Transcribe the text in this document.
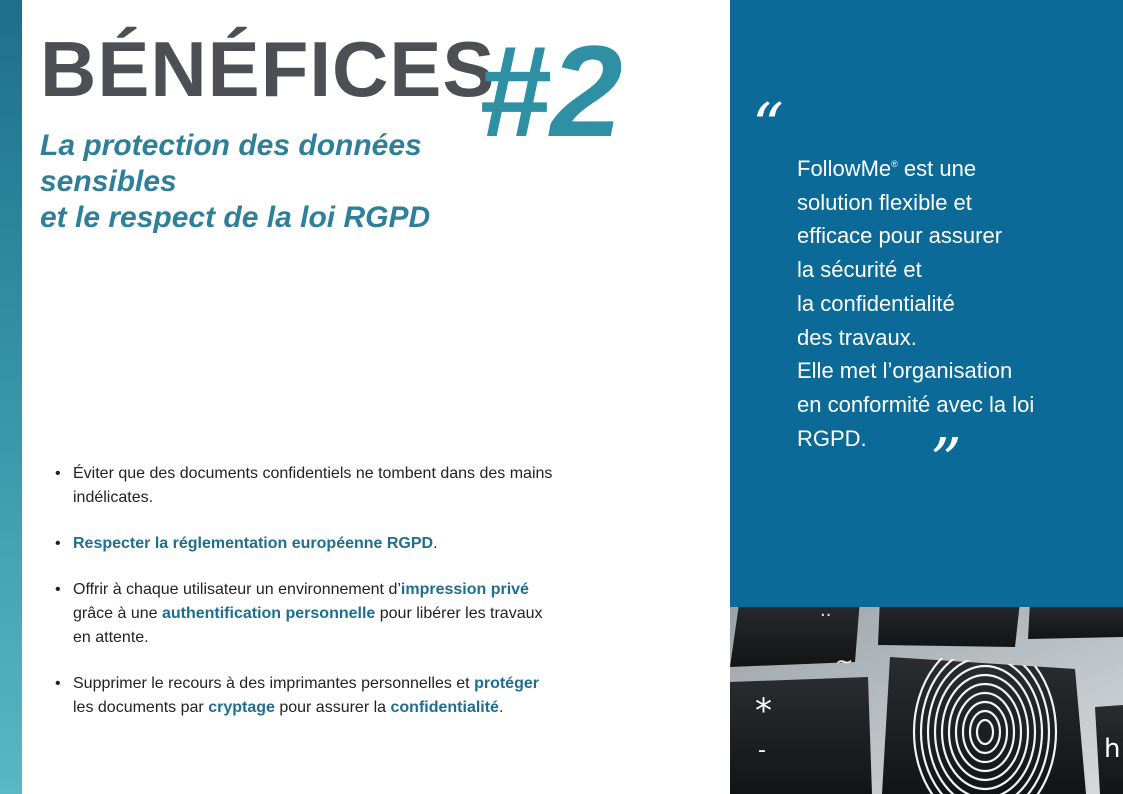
BÉNÉFICES
#2
La protection des données sensibles
et le respect de la loi RGPD
• Éviter que des documents confidentiels ne tombent dans des mains indélicates.
• Respecter la réglementation européenne RGPD.
• Offrir à chaque utilisateur un environnement d’impression privé grâce à une authentification personnelle pour libérer les travaux en attente.
• Supprimer le recours à des imprimantes personnelles et protéger les documents par cryptage pour assurer la confidentialité.
“

FollowMe® est une
solution flexible et
efficace pour assurer
la sécurité et
la confidentialité
des travaux.
Elle met l’organisation
en conformité avec la loi
RGPD.	”
··
~
*
-	h
